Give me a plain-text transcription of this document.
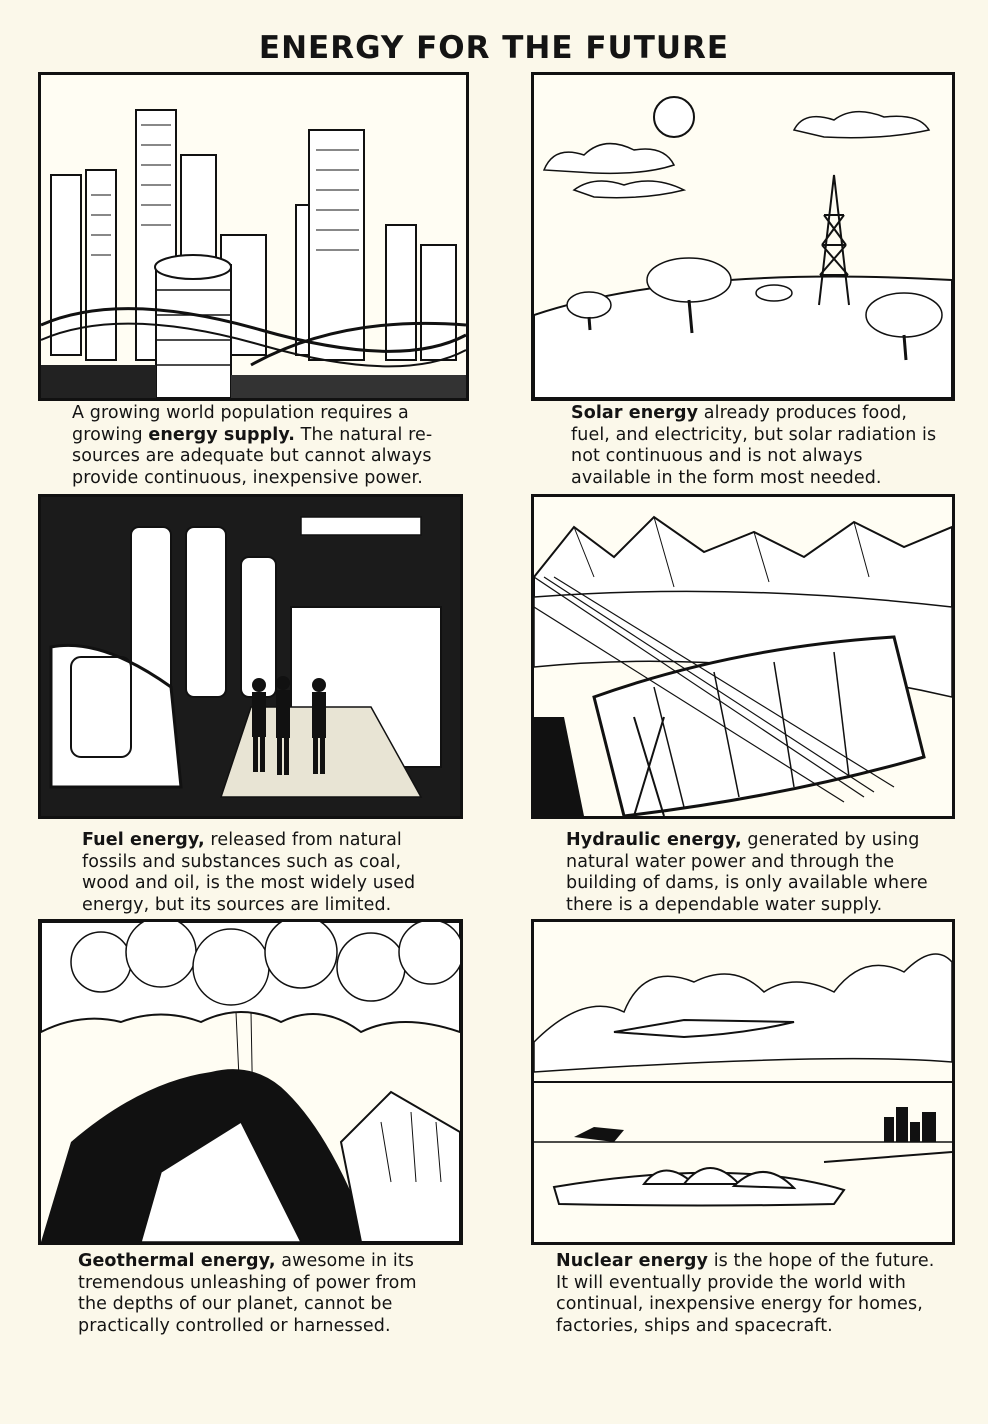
ENERGY FOR THE FUTURE
A growing world population requires a growing energy supply. The natural re-sources are adequate but cannot always provide continuous, inexpensive power.
Solar energy already produces food, fuel, and electricity, but solar radiation is not continuous and is not always available in the form most needed.
Fuel energy, released from natural fossils and substances such as coal, wood and oil, is the most widely used energy, but its sources are limited.
Hydraulic energy, generated by using natural water power and through the building of dams, is only available where there is a dependable water supply.
Geothermal energy, awesome in its tremendous unleashing of power from the depths of our planet, cannot be practically controlled or harnessed.
Nuclear energy is the hope of the future. It will eventually provide the world with continual, inexpensive energy for homes, factories, ships and spacecraft.
